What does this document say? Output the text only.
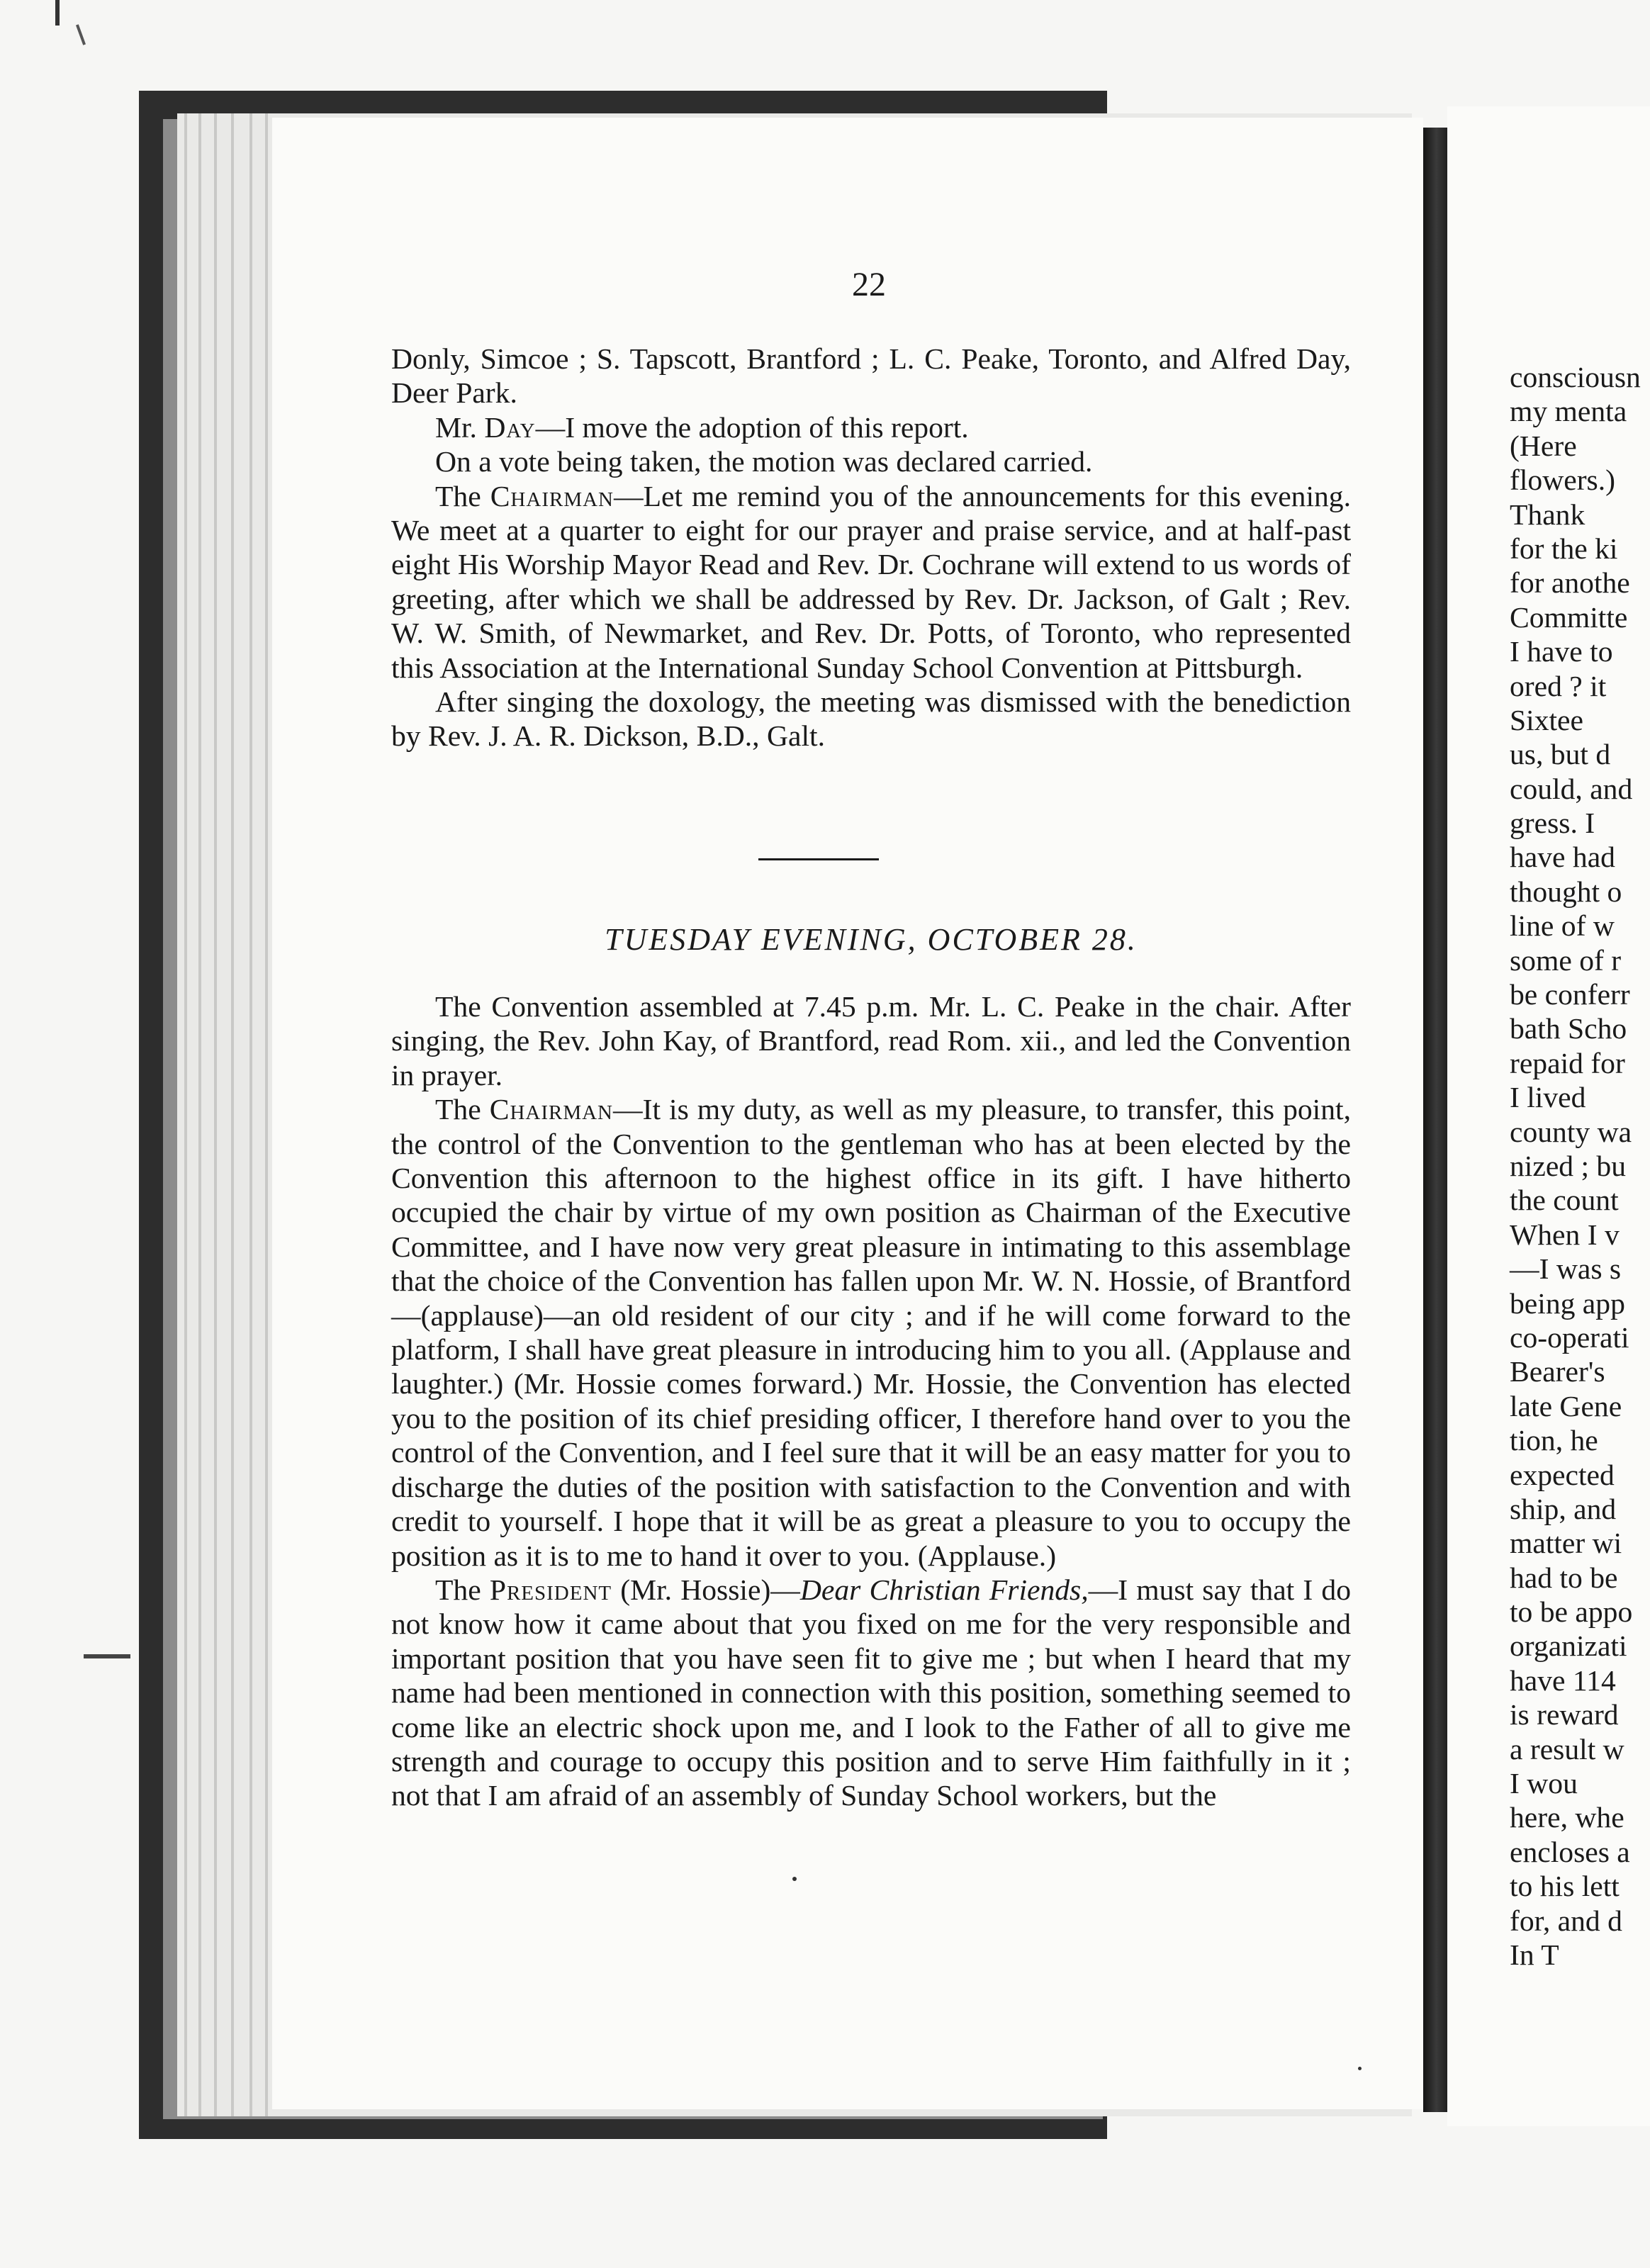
22

Donly, Simcoe ; S. Tapscott, Brantford ; L. C. Peake, Toronto, and Alfred Day, Deer Park.

Mr. Day—I move the adoption of this report.

On a vote being taken, the motion was declared carried.

The Chairman—Let me remind you of the announcements for this evening. We meet at a quarter to eight for our prayer and praise service, and at half-past eight His Worship Mayor Read and Rev. Dr. Cochrane will extend to us words of greeting, after which we shall be addressed by Rev. Dr. Jackson, of Galt ; Rev. W. W. Smith, of Newmarket, and Rev. Dr. Potts, of Toronto, who represented this Association at the International Sunday School Convention at Pittsburgh.

After singing the doxology, the meeting was dismissed with the benediction by Rev. J. A. R. Dickson, B.D., Galt.

TUESDAY EVENING, OCTOBER 28.

The Convention assembled at 7.45 p.m. Mr. L. C. Peake in the chair. After singing, the Rev. John Kay, of Brantford, read Rom. xii., and led the Convention in prayer.

The Chairman—It is my duty, as well as my pleasure, to transfer, this point, the control of the Convention to the gentleman who has at been elected by the Convention this afternoon to the highest office in its gift. I have hitherto occupied the chair by virtue of my own position as Chairman of the Executive Committee, and I have now very great pleasure in intimating to this assemblage that the choice of the Convention has fallen upon Mr. W. N. Hossie, of Brantford—(applause)—an old resident of our city ; and if he will come forward to the platform, I shall have great pleasure in introducing him to you all. (Applause and laughter.) (Mr. Hossie comes forward.) Mr. Hossie, the Convention has elected you to the position of its chief presiding officer, I therefore hand over to you the control of the Convention, and I feel sure that it will be an easy matter for you to discharge the duties of the position with satisfaction to the Convention and with credit to yourself. I hope that it will be as great a pleasure to you to occupy the position as it is to me to hand it over to you. (Applause.)

The President (Mr. Hossie)—Dear Christian Friends,—I must say that I do not know how it came about that you fixed on me for the very responsible and important position that you have seen fit to give me ; but when I heard that my name had been mentioned in connection with this position, something seemed to come like an electric shock upon me, and I look to the Father of all to give me strength and courage to occupy this position and to serve Him faithfully in it ; not that I am afraid of an assembly of Sunday School workers, but the

consciousn
my menta
(Here
flowers.)
Thank
for the ki
for anothe
Committe
I have to
ored ? it
Sixtee
us, but d
could, and
gress. I
have had
thought o
line of w
some of r
be conferr
bath Scho
repaid for
I lived
county wa
nized ; bu
the count
When I v
—I was s
being app
co-operati
Bearer's
late Gene
tion, he
expected
ship, and
matter wi
had to be
to be appo
organizati
have 114
is reward
a result w
I wou
here, whe
encloses a
to his lett
for, and d
In T
